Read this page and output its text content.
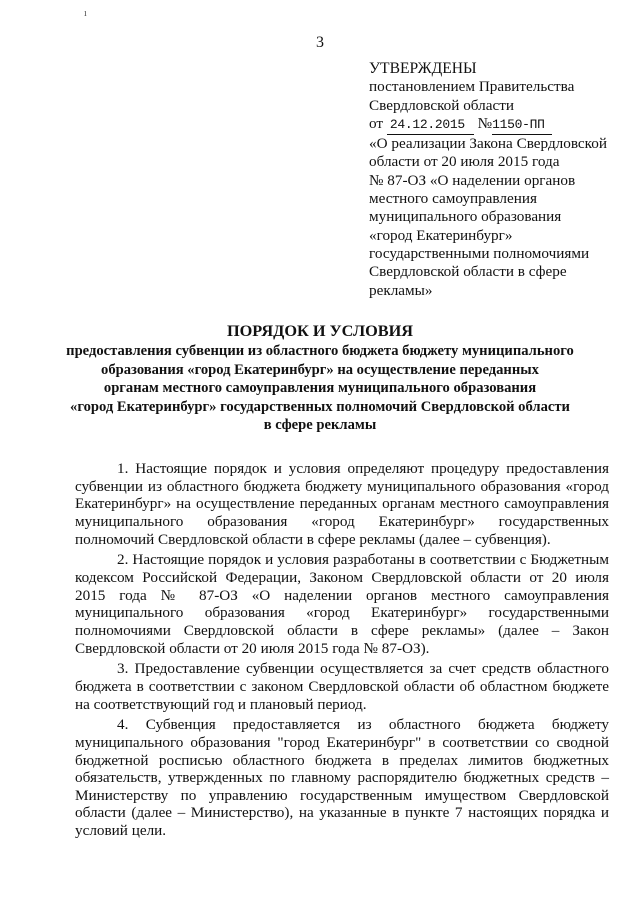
ı
3
УТВЕРЖДЕНЫ
постановлением Правительства
Свердловской области
от 24.12.2015 №1150-ПП
«О реализации Закона Свердловской
области от 20 июля 2015 года
№ 87-ОЗ «О наделении органов
местного самоуправления
муниципального образования
«город Екатеринбург»
государственными полномочиями
Свердловской области в сфере
рекламы»
ПОРЯДОК И УСЛОВИЯ
предоставления субвенции из областного бюджета бюджету муниципального
образования «город Екатеринбург» на осуществление переданных
органам местного самоуправления муниципального образования
«город Екатеринбург» государственных полномочий Свердловской области
в сфере рекламы
1. Настоящие порядок и условия определяют процедуру предоставления
субвенции из областного бюджета бюджету муниципального образования «город
Екатеринбург» на осуществление переданных органам местного самоуправления
муниципального образования «город Екатеринбург» государственных
полномочий Свердловской области в сфере рекламы (далее – субвенция).
2. Настоящие порядок и условия разработаны в соответствии с Бюджетным
кодексом Российской Федерации, Законом Свердловской области от 20 июля
2015 года № 87-ОЗ «О наделении органов местного самоуправления
муниципального образования «город Екатеринбург» государственными
полномочиями Свердловской области в сфере рекламы» (далее – Закон
Свердловской области от 20 июля 2015 года № 87-ОЗ).
3. Предоставление субвенции осуществляется за счет средств областного
бюджета в соответствии с законом Свердловской области об областном бюджете
на соответствующий год и плановый период.
4. Субвенция предоставляется из областного бюджета бюджету
муниципального образования "город Екатеринбург" в соответствии со сводной
бюджетной росписью областного бюджета в пределах лимитов бюджетных
обязательств, утвержденных по главному распорядителю бюджетных средств –
Министерству по управлению государственным имуществом Свердловской
области (далее – Министерство), на указанные в пункте 7 настоящих порядка и
условий цели.
